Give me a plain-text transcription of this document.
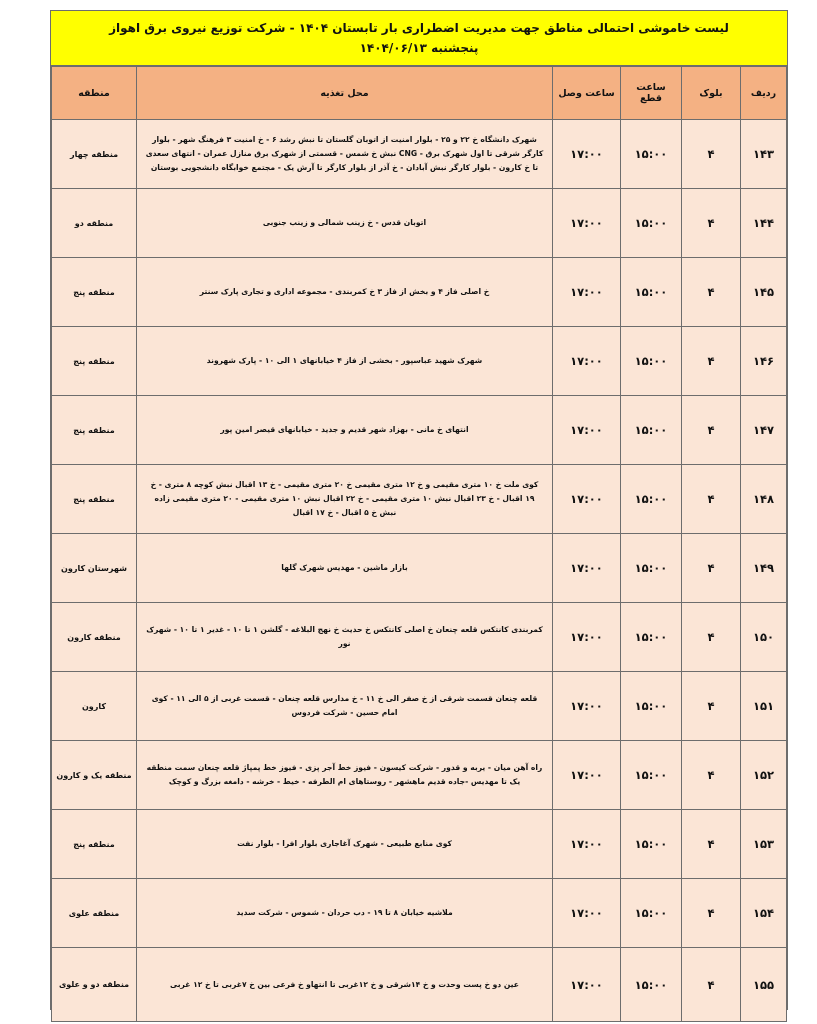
لیست خاموشی احتمالی مناطق جهت مدیریت اضطراری بار تابستان ۱۴۰۴ - شرکت توزیع نیروی برق اهواز
پنجشنبه ۱۴۰۴/۰۶/۱۳
ردیف	بلوک	ساعت قطع	ساعت وصل	محل تغذیه	منطقه
۱۴۳	۴	۱۵:۰۰	۱۷:۰۰	شهرک دانشگاه خ ۲۲ و ۲۵ - بلوار امنیت از اتوبان گلستان تا نبش رشد ۶ - خ امنیت ۳ فرهنگ شهر - بلوار کارگر شرقی تا اول شهرک برق - CNG نبش خ شمس - قسمتی از شهرک برق منازل عمران - انتهای سعدی تا خ کارون - بلوار کارگر نبش آبادان - خ آذر از بلوار کارگر تا آرش یک - مجتمع خوابگاه دانشجویی بوستان	منطقه چهار
۱۴۴	۴	۱۵:۰۰	۱۷:۰۰	اتوبان قدس - خ زینب شمالی و زینب جنوبی	منطقه دو
۱۴۵	۴	۱۵:۰۰	۱۷:۰۰	خ اصلی فاز ۴ و بخش از فاز ۳ خ کمربندی - مجموعه اداری و تجاری پارک سنتر	منطقه پنج
۱۴۶	۴	۱۵:۰۰	۱۷:۰۰	شهرک شهید عباسپور - بخشی از فاز ۴ خیابانهای ۱ الی ۱۰ - پارک شهروند	منطقه پنج
۱۴۷	۴	۱۵:۰۰	۱۷:۰۰	انتهای خ مانی - بهزاد شهر قدیم و جدید - خیابانهای قیصر امین پور	منطقه پنج
۱۴۸	۴	۱۵:۰۰	۱۷:۰۰	کوی ملت خ ۱۰ متری مقیمی و خ ۱۲ متری مقیمی خ ۲۰ متری مقیمی - خ ۱۳ اقبال نبش کوچه ۸ متری - خ ۱۹ اقبال - خ ۲۳ اقبال نبش ۱۰ متری مقیمی - خ ۲۲ اقبال نبش ۱۰ متری مقیمی - ۲۰ متری مقیمی زاده نبش خ ۵ اقبال - خ ۱۷ اقبال	منطقه پنج
۱۴۹	۴	۱۵:۰۰	۱۷:۰۰	بازار ماشین - مهدیس شهرک گلها	شهرستان کارون
۱۵۰	۴	۱۵:۰۰	۱۷:۰۰	کمربندی کانتکس قلعه چنعان خ اصلی کانتکس خ حدیث خ نهج البلاغه - گلشن ۱ تا ۱۰ - غدیر ۱ تا ۱۰ - شهرک نور	منطقه کارون
۱۵۱	۴	۱۵:۰۰	۱۷:۰۰	قلعه چنعان قسمت شرقی از خ صفر الی خ ۱۱ - خ مدارس قلعه چنعان - قسمت غربی از ۵ الی ۱۱ - کوی امام حسین - شرکت فردوس	کارون
۱۵۲	۴	۱۵:۰۰	۱۷:۰۰	راه آهن میان - یربه و قدور - شرکت کیسون - فیوز خط آجر پزی - فیوز خط پمپاژ قلعه چنعان سمت منطقه یک تا مهدیس -جاده قدیم ماهشهر - روستاهای ام الطرفه - خیط - خرشه - دامغه بزرگ و کوچک	منطقه یک و کارون
۱۵۳	۴	۱۵:۰۰	۱۷:۰۰	کوی منابع طبیعی - شهرک آغاجاری بلوار افرا - بلوار نفت	منطقه پنج
۱۵۴	۴	۱۵:۰۰	۱۷:۰۰	ملاشیه خیابان ۸ تا ۱۹ - دب حردان - شموس - شرکت سدید	منطقه علوی
۱۵۵	۴	۱۵:۰۰	۱۷:۰۰	عین دو خ پست وحدت و خ ۱۴شرقی و خ ۱۲غربی تا انتهاو خ فرعی بین خ ۷غربی تا خ ۱۲ غربی	منطقه دو و علوی
